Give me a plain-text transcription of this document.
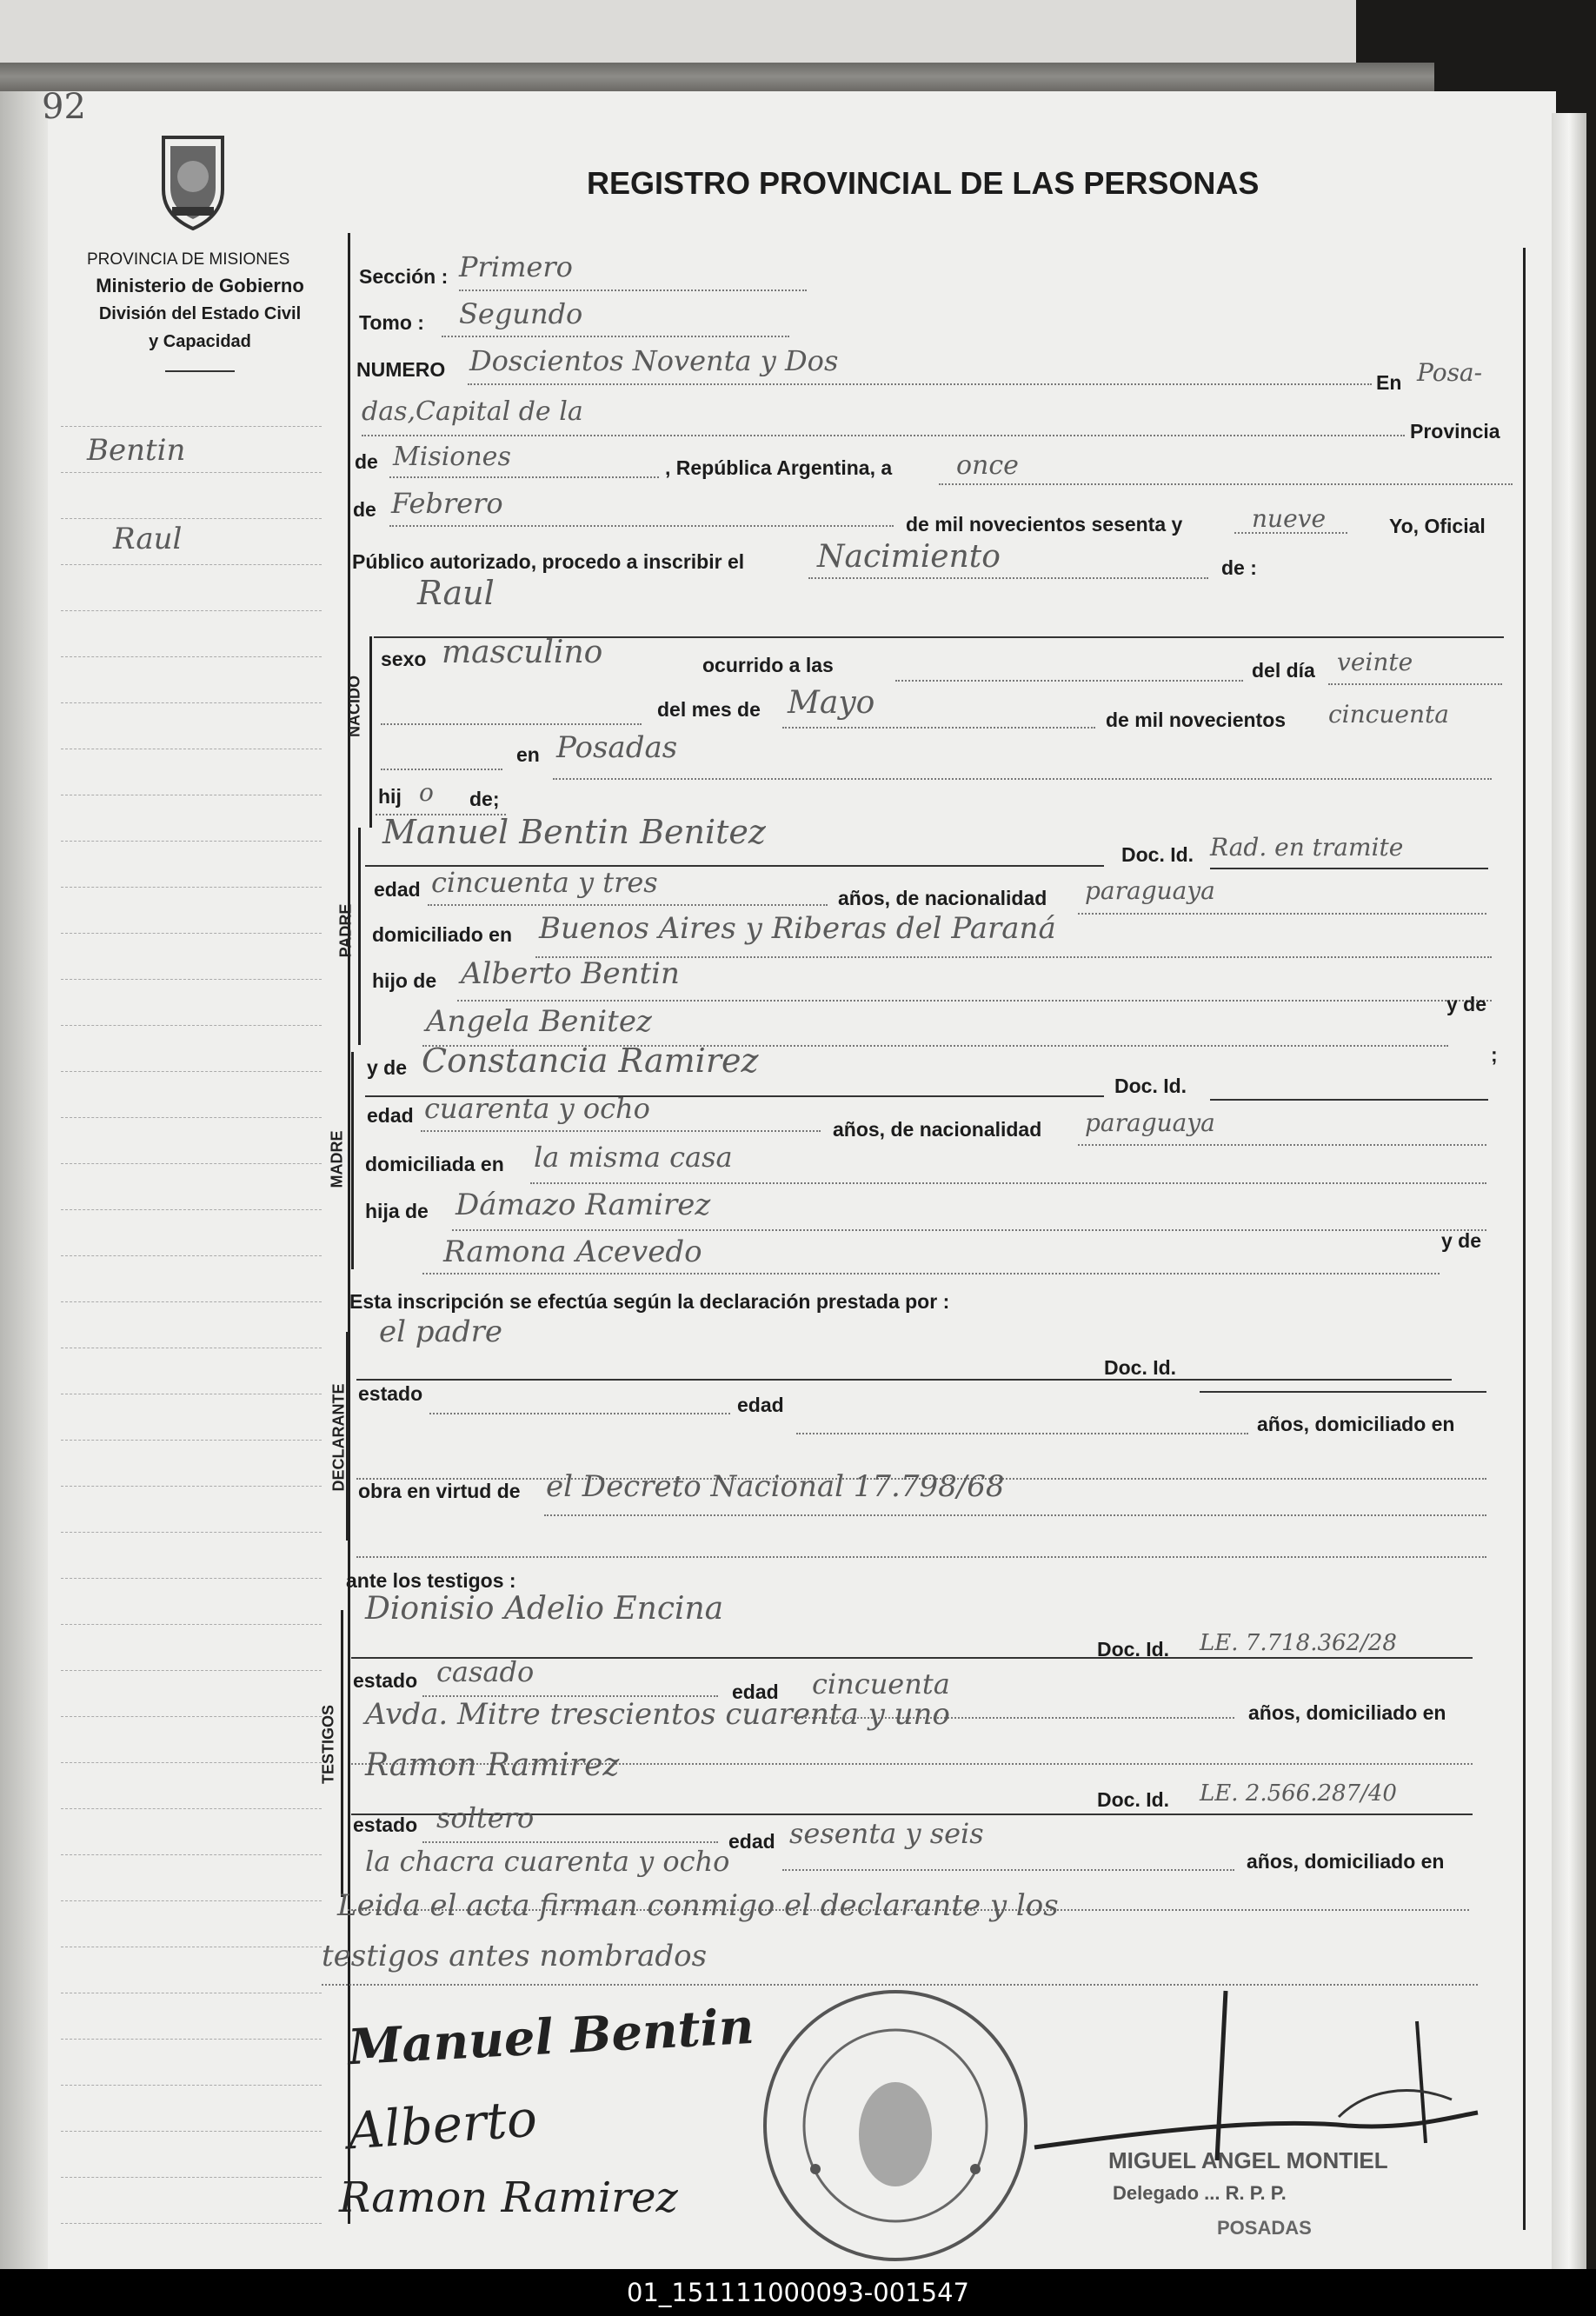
92
PROVINCIA DE MISIONES
Ministerio de Gobierno
División del Estado Civil
y Capacidad
REGISTRO PROVINCIAL DE LAS PERSONAS
Bentin
Raul
Sección : Primero
Tomo : Segundo
NUMERO Doscientos Noventa y Dos
En Posa-
das,Capital de la
Provincia
de Misiones	, República Argentina, a once
de Febrero
de mil novecientos sesenta y	nueve	Yo, Oficial
Público autorizado, procedo a inscribir el Nacimiento	de :
Raul
NACIDO
sexo masculino	ocurrido a las	del día veinte
del mes de Mayo	de mil novecientos cincuenta
en Posadas
hij o de;
PADRE
Manuel Bentin Benitez
Doc. Id. Rad. en tramite
edad cincuenta y tres	años, de nacionalidad paraguaya
domiciliado en Buenos Aires y Riberas del Paraná
hijo de Alberto Bentin
Angela Benitez	y de
;
MADRE
y de Constancia Ramirez
Doc. Id.
edad cuarenta y ocho
años, de nacionalidad paraguaya
domiciliada en la misma casa
hija de Dámazo Ramirez
Ramona Acevedo	y de
Esta inscripción se efectúa según la declaración prestada por :
DECLARANTE
el padre
Doc. Id.
estado	edad
años, domiciliado en
obra en virtud de el Decreto Nacional 17.798/68
ante los testigos :
TESTIGOS
Dionisio Adelio Encina
Doc. Id. LE. 7.718.362/28
estado casado
edad cincuenta
años, domiciliado en
Avda. Mitre trescientos cuarenta y uno
Ramon Ramirez
Doc. Id. LE. 2.566.287/40
estado soltero
edad sesenta y seis
años, domiciliado en
la chacra cuarenta y ocho
Leida el acta firman conmigo el declarante y los
testigos antes nombrados
Manuel Bentin
Alberto
Ramon Ramirez
MIGUEL ANGEL MONTIEL
Delegado ... R. P. P.
POSADAS
01_151111000093-001547
